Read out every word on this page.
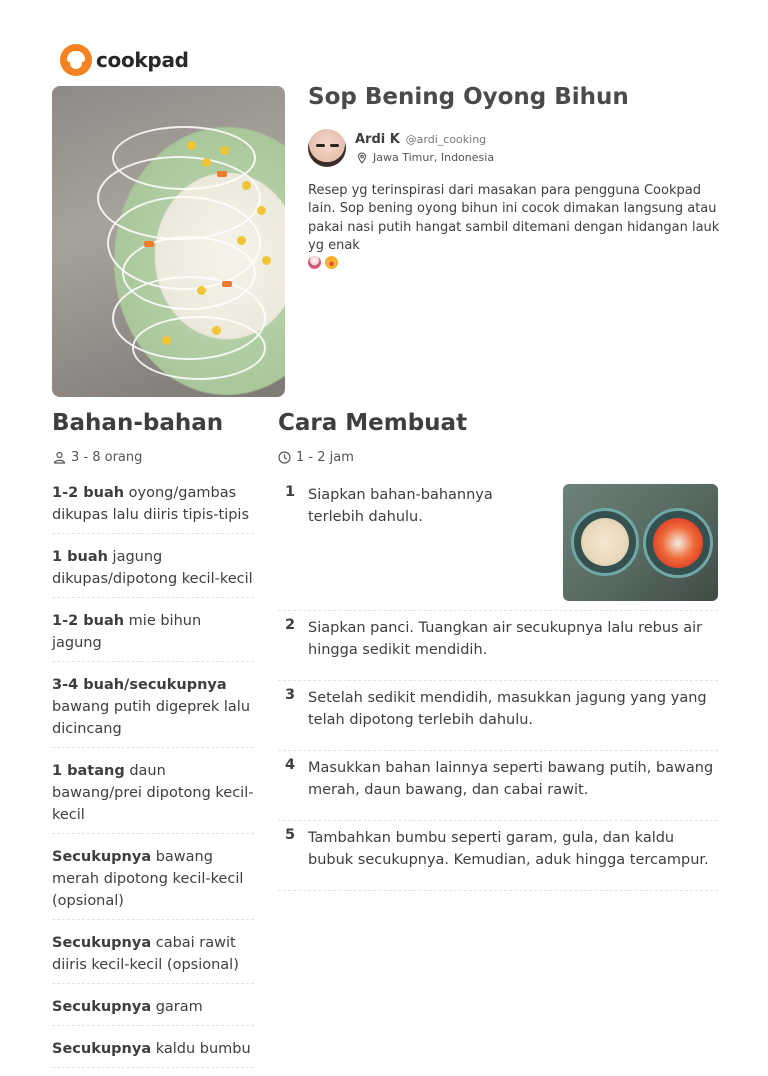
cookpad
Sop Bening Oyong Bihun
Ardi K @ardi_cooking
Jawa Timur, Indonesia

Resep yg terinspirasi dari masakan para pengguna Cookpad lain. Sop bening oyong bihun ini cocok dimakan langsung atau pakai nasi putih hangat sambil ditemani dengan hidangan lauk yg enak

Bahan-bahan
3 - 8 orang
1-2 buah oyong/gambas dikupas lalu diiris tipis-tipis
1 buah jagung dikupas/dipotong kecil-kecil
1-2 buah mie bihun jagung
3-4 buah/secukupnya bawang putih digeprek lalu dicincang
1 batang daun bawang/prei dipotong kecil-kecil
Secukupnya bawang merah dipotong kecil-kecil (opsional)
Secukupnya cabai rawit diiris kecil-kecil (opsional)
Secukupnya garam
Secukupnya kaldu bumbu
Cara Membuat
1 - 2 jam
1 Siapkan bahan-bahannya terlebih dahulu.
2 Siapkan panci. Tuangkan air secukupnya lalu rebus air hingga sedikit mendidih.
3 Setelah sedikit mendidih, masukkan jagung yang yang telah dipotong terlebih dahulu.
4 Masukkan bahan lainnya seperti bawang putih, bawang merah, daun bawang, dan cabai rawit.
5 Tambahkan bumbu seperti garam, gula, dan kaldu bubuk secukupnya. Kemudian, aduk hingga tercampur.
